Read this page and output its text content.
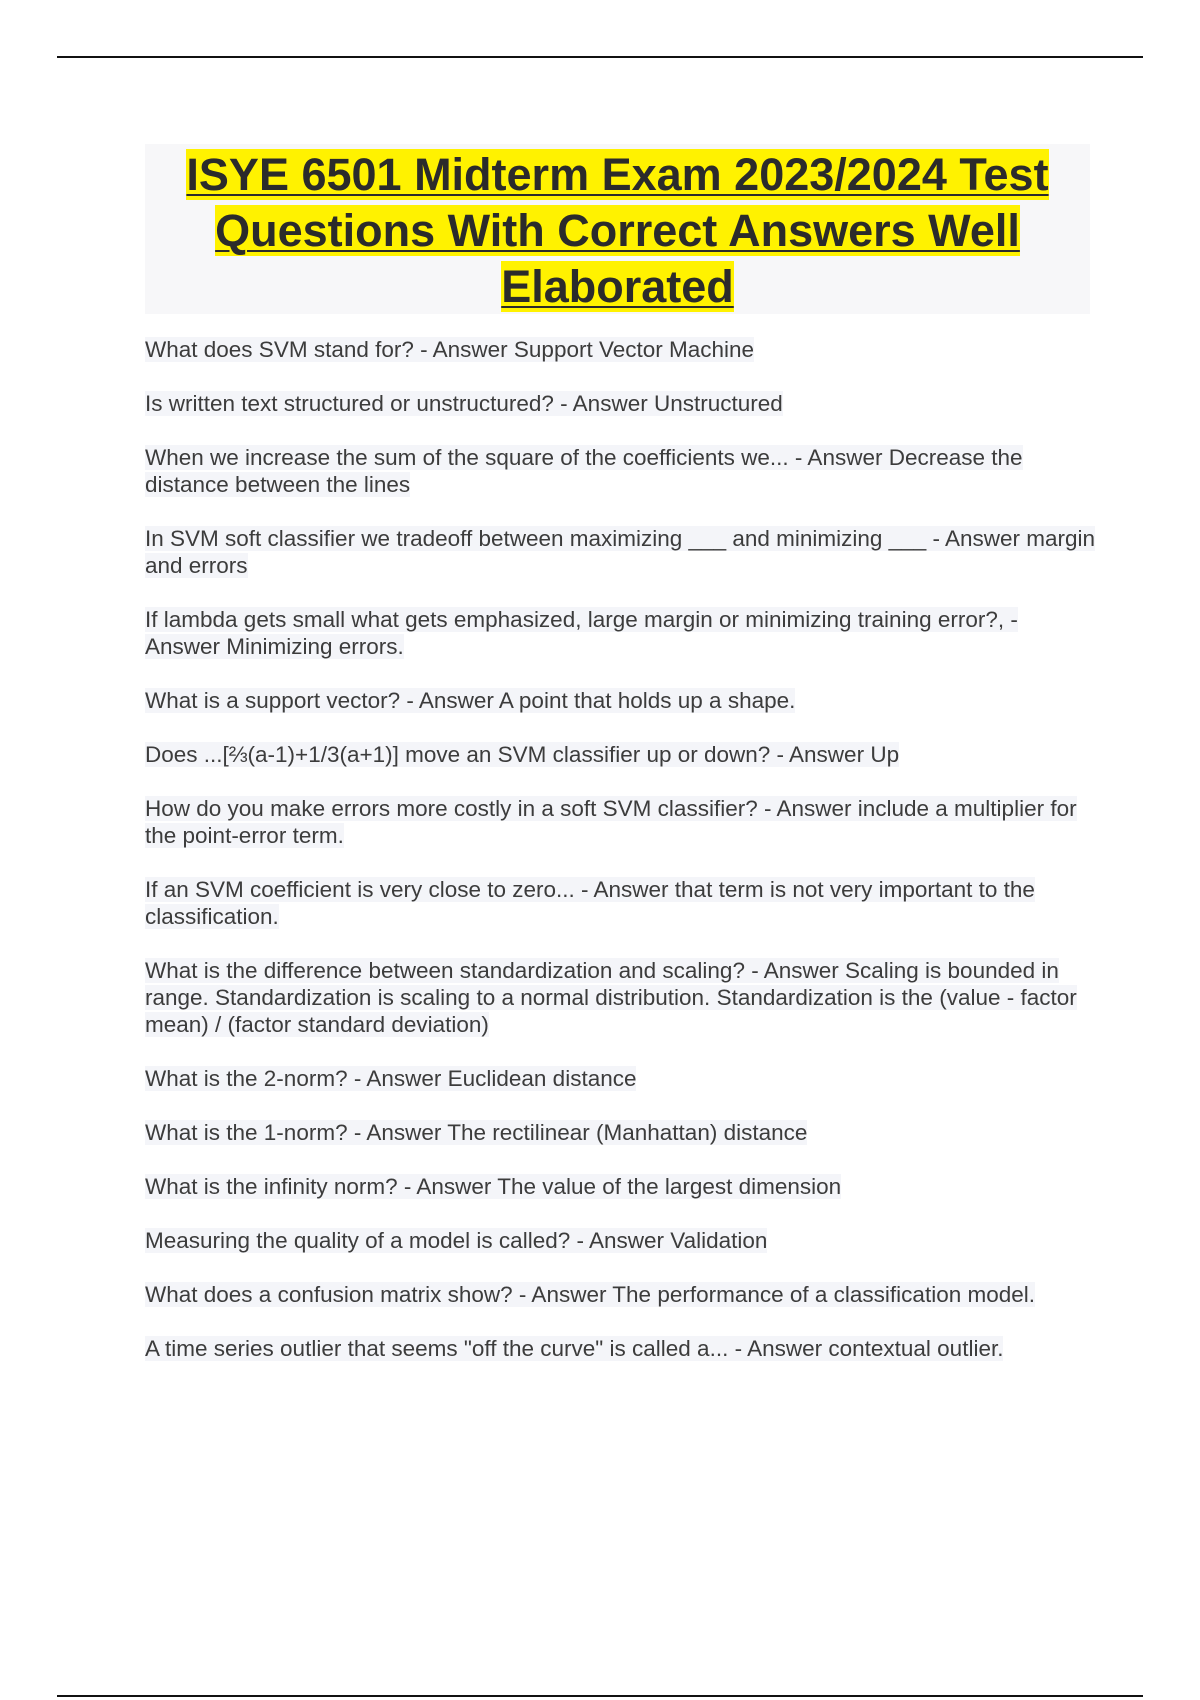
ISYE 6501 Midterm Exam 2023/2024 Test Questions With Correct Answers Well Elaborated
What does SVM stand for? - Answer Support Vector Machine
Is written text structured or unstructured? - Answer Unstructured
When we increase the sum of the square of the coefficients we... - Answer Decrease the distance between the lines
In SVM soft classifier we tradeoff between maximizing ___ and minimizing ___ - Answer margin and errors
If lambda gets small what gets emphasized, large margin or minimizing training error?, - Answer Minimizing errors.
What is a support vector? - Answer A point that holds up a shape.
Does ...[⅔(a-1)+1/3(a+1)] move an SVM classifier up or down? - Answer Up
How do you make errors more costly in a soft SVM classifier? - Answer include a multiplier for the point-error term.
If an SVM coefficient is very close to zero... - Answer that term is not very important to the classification.
What is the difference between standardization and scaling? - Answer Scaling is bounded in range. Standardization is scaling to a normal distribution. Standardization is the (value - factor mean) / (factor standard deviation)
What is the 2-norm? - Answer Euclidean distance
What is the 1-norm? - Answer The rectilinear (Manhattan) distance
What is the infinity norm? - Answer The value of the largest dimension
Measuring the quality of a model is called? - Answer Validation
What does a confusion matrix show? - Answer The performance of a classification model.
A time series outlier that seems "off the curve" is called a... - Answer contextual outlier.
